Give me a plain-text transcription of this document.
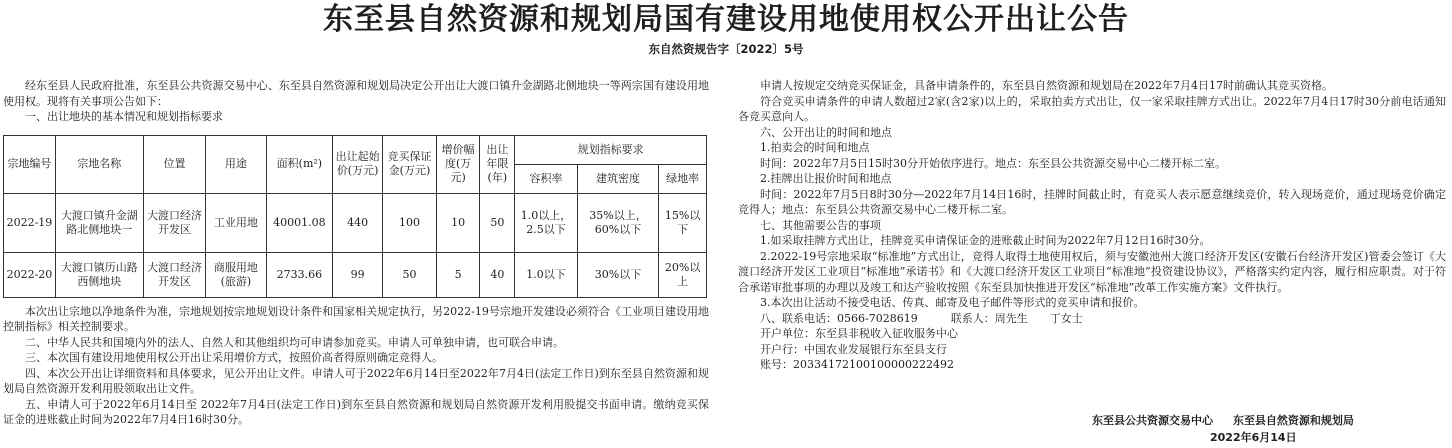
东至县自然资源和规划局国有建设用地使用权公开出让公告
东自然资规告字〔2022〕5号

经东至县人民政府批准，东至县公共资源交易中心、东至县自然资源和规划局决定公开出让大渡口镇升金湖路北侧地块一等两宗国有建设用地使用权。现将有关事项公告如下：

一、出让地块的基本情况和规划指标要求

宗地编号	宗地名称	位置	用途	面积(m²)	出让起始价(万元)	竞买保证金(万元)	增价幅度(万元)	出让年限(年)	规划指标要求		
									容积率	建筑密度	绿地率
2022-19	大渡口镇升金湖路北侧地块一	大渡口经济开发区	工业用地	40001.08	440	100	10	50	1.0以上，2.5以下	35%以上，60%以下	15%以下
2022-20	大渡口镇历山路西侧地块	大渡口经济开发区	商服用地(旅游)	2733.66	99	50	5	40	1.0以下	30%以下	20%以上

本次出让宗地以净地条件为准，宗地规划按宗地规划设计条件和国家相关规定执行，另2022-19号宗地开发建设必须符合《工业项目建设用地控制指标》相关控制要求。

二、中华人民共和国境内外的法人、自然人和其他组织均可申请参加竞买。申请人可单独申请，也可联合申请。

三、本次国有建设用地使用权公开出让采用增价方式，按照价高者得原则确定竞得人。

四、本次公开出让详细资料和具体要求，见公开出让文件。申请人可于2022年6月14日至2022年7月4日(法定工作日)到东至县自然资源和规划局自然资源开发利用股领取出让文件。

五、申请人可于2022年6月14日至 2022年7月4日(法定工作日)到东至县自然资源和规划局自然资源开发利用股提交书面申请。缴纳竞买保证金的进账截止时间为2022年7月4日16时30分。

申请人按规定交纳竞买保证金，具备申请条件的，东至县自然资源和规划局在2022年7月4日17时前确认其竞买资格。

符合竞买申请条件的申请人数超过2家(含2家)以上的，采取拍卖方式出让，仅一家采取挂牌方式出让。2022年7月4日17时30分前电话通知各竞买意向人。

六、公开出让的时间和地点

1.拍卖会的时间和地点

时间：2022年7月5日15时30分开始依序进行。地点：东至县公共资源交易中心二楼开标二室。

2.挂牌出让报价时间和地点

时间：2022年7月5日8时30分—2022年7月14日16时，挂牌时间截止时，有竞买人表示愿意继续竞价，转入现场竞价，通过现场竞价确定竞得人；地点：东至县公共资源交易中心二楼开标二室。

七、其他需要公告的事项

1.如采取挂牌方式出让，挂牌竞买申请保证金的进账截止时间为2022年7月12日16时30分。

2.2022-19号宗地采取“标准地”方式出让，竞得人取得土地使用权后，须与安徽池州大渡口经济开发区(安徽石台经济开发区)管委会签订《大渡口经济开发区工业项目“标准地”承诺书》和《大渡口经济开发区工业项目“标准地”投资建设协议》，严格落实约定内容，履行相应职责。对于符合承诺审批事项的办理以及竣工和达产验收按照《东至县加快推进开发区“标准地”改革工作实施方案》文件执行。

3.本次出让活动不接受电话、传真、邮寄及电子邮件等形式的竞买申请和报价。

八、联系电话：0566-7028619　　　联系人：周先生　　丁女士

开户单位：东至县非税收入征收服务中心

开户行：中国农业发展银行东至县支行

账号：20334172100100000222492

东至县公共资源交易中心 东至县自然资源和规划局
2022年6月14日
